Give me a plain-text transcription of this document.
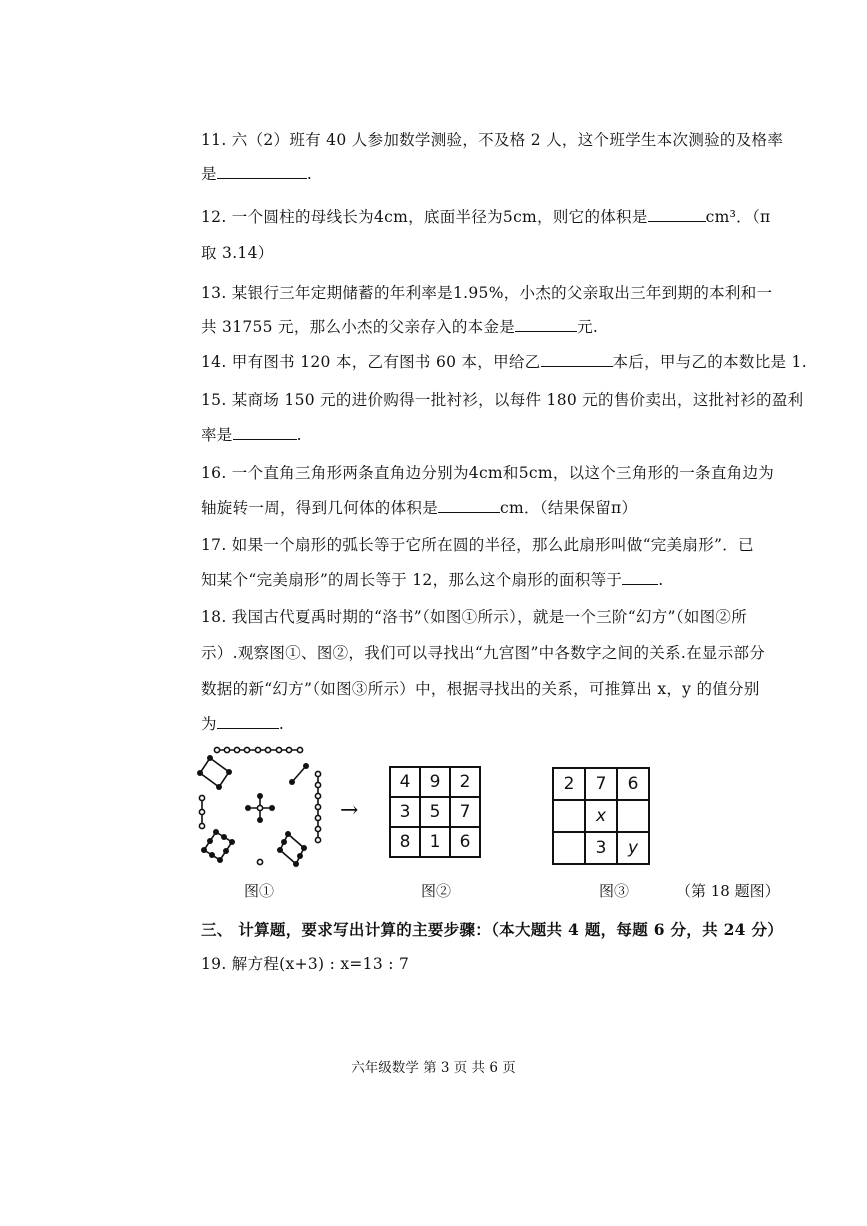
11. 六（2）班有 40 人参加数学测验，不及格 2 人，这个班学生本次测验的及格率
是	.
12. 一个圆柱的母线长为4cm，底面半径为5cm，则它的体积是	cm³．（π
取 3.14）
13. 某银行三年定期储蓄的年利率是1.95%，小杰的父亲取出三年到期的本利和一
共 31755 元，那么小杰的父亲存入的本金是	元.
14. 甲有图书 120 本，乙有图书 60 本，甲给乙	本后，甲与乙的本数比是 1.
15. 某商场 150 元的进价购得一批衬衫，以每件 180 元的售价卖出，这批衬衫的盈利
率是	.
16. 一个直角三角形两条直角边分别为4cm和5cm，以这个三角形的一条直角边为
轴旋转一周，得到几何体的体积是	cm．（结果保留π）
17. 如果一个扇形的弧长等于它所在圆的半径，那么此扇形叫做“完美扇形”．已
知某个“完美扇形”的周长等于 12，那么这个扇形的面积等于 .
18. 我国古代夏禹时期的“洛书”（如图①所示），就是一个三阶“幻方”（如图②所
示）.观察图①、图②，我们可以寻找出“九宫图”中各数字之间的关系.在显示部分
数据的新“幻方”（如图③所示）中，根据寻找出的关系，可推算出 x，y 的值分别
为	.
→
4	9	2
3	5	7
8	1	6
2	7	6
	x	
	3	y
图①	图②	图③	（第 18 题图）
三、 计算题，要求写出计算的主要步骤：（本大题共 4 题，每题 6 分，共 24 分）
19. 解方程(x+3) : x=13 : 7
六年级数学 第 3 页 共 6 页
